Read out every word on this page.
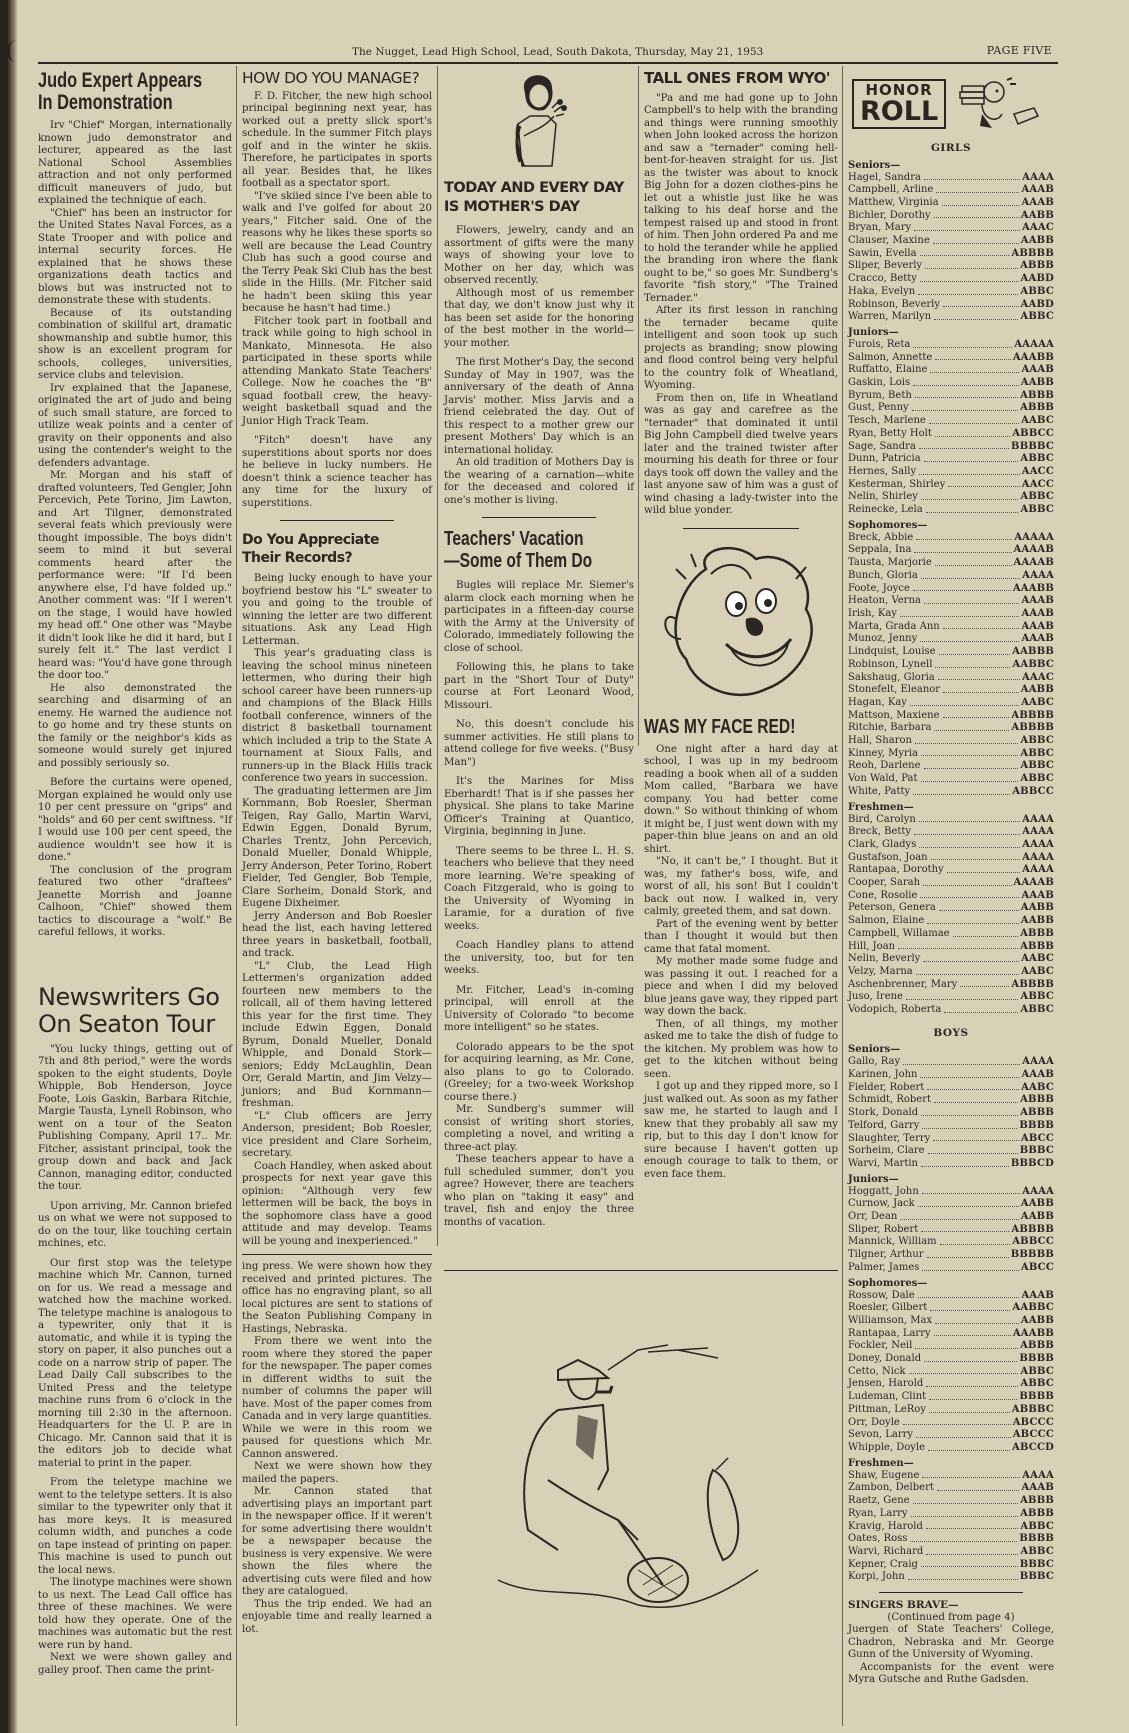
The Nugget, Lead High School, Lead, South Dakota, Thursday, May 21, 1953	PAGE FIVE
Judo Expert Appears
In Demonstration

Irv "Chief" Morgan, internationally known judo demonstrator and lecturer, appeared as the last National School Assemblies attraction and not only performed difficult maneuvers of judo, but explained the technique of each.

"Chief" has been an instructor for the United States Naval Forces, as a State Trooper and with police and internal security forces. He explained that he shows these organizations death tactics and blows but was instructed not to demonstrate these with students.

Because of its outstanding combination of skillful art, dramatic showmanship and subtle humor, this show is an excellent program for schools, colleges, universities, service clubs and television.

Irv explained that the Japanese, originated the art of judo and being of such small stature, are forced to utilize weak points and a center of gravity on their opponents and also using the contender's weight to the defenders advantage.

Mr. Morgan and his staff of drafted volunteers, Ted Gengler, John Percevich, Pete Torino, Jim Lawton, and Art Tilgner, demonstrated several feats which previously were thought impossible. The boys didn't seem to mind it but several comments heard after the performance were: "If I'd been anywhere else, I'd have folded up." Another comment was: "If I weren't on the stage, I would have howled my head off." One other was "Maybe it didn't look like he did it hard, but I surely felt it." The last verdict I heard was: "You'd have gone through the door too."

He also demonstrated the searching and disarming of an enemy. He warned the audience not to go home and try these stunts on the family or the neighbor's kids as someone would surely get injured and possibly seriously so.

Before the curtains were opened, Morgan explained he would only use 10 per cent pressure on "grips" and "holds" and 60 per cent swiftness. "If I would use 100 per cent speed, the audience wouldn't see how it is done."

The conclusion of the program featured two other "draftees" Jeanette Morrish and Joanne Calhoon, "Chief" showed them tactics to discourage a "wolf." Be careful fellows, it works.

Newswriters Go
On Seaton Tour

"You lucky things, getting out of 7th and 8th period," were the words spoken to the eight students, Doyle Whipple, Bob Henderson, Joyce Foote, Lois Gaskin, Barbara Ritchie, Margie Tausta, Lynell Robinson, who went on a tour of the Seaton Publishing Company, April 17.. Mr. Fitcher, assistant principal, took the group down and back and Jack Cannon, managing editor, conducted the tour.

Upon arriving, Mr. Cannon briefed us on what we were not supposed to do on the tour, like touching certain mchines, etc.

Our first stop was the teletype machine which Mr. Cannon, turned on for us. We read a message and watched how the machine worked. The teletype machine is analogous to a typewriter, only that it is automatic, and while it is typing the story on paper, it also punches out a code on a narrow strip of paper. The Lead Daily Call subscribes to the United Press and the teletype machine runs from 6 o'clock in the morning till 2:30 in the afternoon. Headquarters for the U. P. are in Chicago. Mr. Cannon said that it is the editors job to decide what material to print in the paper.

From the teletype machine we went to the teletype setters. It is also similar to the typewriter only that it has more keys. It is measured column width, and punches a code on tape instead of printing on paper. This machine is used to punch out the local news.

The linotype machines were shown to us next. The Lead Call office has three of these machines. We were told how they operate. One of the machines was automatic but the rest were run by hand.

Next we were shown galley and galley proof. Then came the print-

HOW DO YOU MANAGE?

F. D. Fitcher, the new high school principal beginning next year, has worked out a pretty slick sport's schedule. In the summer Fitch plays golf and in the winter he skiis. Therefore, he participates in sports all year. Besides that, he likes football as a spectator sport.

"I've skiied since I've been able to walk and I've golfed for about 20 years," Fitcher said. One of the reasons why he likes these sports so well are because the Lead Country Club has such a good course and the Terry Peak Ski Club has the best slide in the Hills. (Mr. Fitcher said he hadn't been skiing this year because he hasn't had time.)

Fitcher took part in football and track while going to high school in Mankato, Minnesota. He also participated in these sports while attending Mankato State Teachers' College. Now he coaches the "B" squad football crew, the heavy-weight basketball squad and the Junior High Track Team.

"Fitch" doesn't have any superstitions about sports nor does he believe in lucky numbers. He doesn't think a science teacher has any time for the luxury of superstitions.

Do You Appreciate
Their Records?

Being lucky enough to have your boyfriend bestow his "L" sweater to you and going to the trouble of winning the letter are two different situations. Ask any Lead High Letterman.

This year's graduating class is leaving the school minus nineteen lettermen, who during their high school career have been runners-up and champions of the Black Hills football conference, winners of the district 8 basketball tournament which included a trip to the State A tournament at Sioux Falls, and runners-up in the Black Hills track conference two years in succession.

The graduating lettermen are Jim Kornmann, Bob Roesler, Sherman Teigen, Ray Gallo, Martin Warvi, Edwin Eggen, Donald Byrum, Charles Trentz, John Percevich, Donald Mueller, Donald Whipple, Jerry Anderson, Peter Torino, Robert Fielder, Ted Gengler, Bob Temple, Clare Sorheim, Donald Stork, and Eugene Dixheimer.

Jerry Anderson and Bob Roesler head the list, each having lettered three years in basketball, football, and track.

"L" Club, the Lead High Lettermen's organization added fourteen new members to the rollcall, all of them having lettered this year for the first time. They include Edwin Eggen, Donald Byrum, Donald Mueller, Donald Whipple, and Donald Stork—seniors; Eddy McLaughlin, Dean Orr, Gerald Martin, and Jim Velzy—juniors; and Bud Kornmann—freshman.

"L" Club officers are Jerry Anderson, president; Bob Roesler, vice president and Clare Sorheim, secretary.

Coach Handley, when asked about prospects for next year gave this opinion: "Although very few lettermen will be back, the boys in the sophomore class have a good attitude and may develop. Teams will be young and inexperienced."

ing press. We were shown how they received and printed pictures. The office has no engraving plant, so all local pictures are sent to stations of the Seaton Publishing Company in Hastings, Nebraska.

From there we went into the room where they stored the paper for the newspaper. The paper comes in different widths to suit the number of columns the paper will have. Most of the paper comes from Canada and in very large quantities. While we were in this room we paused for questions which Mr. Cannon answered.

Next we were shown how they mailed the papers.

Mr. Cannon stated that advertising plays an important part in the newspaper office. If it weren't for some advertising there wouldn't be a newspaper because the business is very expensive. We were shown the files where the advertising cuts were filed and how they are catalogued.

Thus the trip ended. We had an enjoyable time and really learned a lot.

TODAY AND EVERY DAY
IS MOTHER'S DAY

Flowers, jewelry, candy and an assortment of gifts were the many ways of showing your love to Mother on her day, which was observed recently.

Although most of us remember that day, we don't know just why it has been set aside for the honoring of the best mother in the world—your mother.

The first Mother's Day, the second Sunday of May in 1907, was the anniversary of the death of Anna Jarvis' mother. Miss Jarvis and a friend celebrated the day. Out of this respect to a mother grew our present Mothers' Day which is an international holiday.

An old tradition of Mothers Day is the wearing of a carnation—white for the deceased and colored if one's mother is living.

Teachers' Vacation
—Some of Them Do

Bugles will replace Mr. Siemer's alarm clock each morning when he participates in a fifteen-day course with the Army at the University of Colorado, immediately following the close of school.

Following this, he plans to take part in the "Short Tour of Duty" course at Fort Leonard Wood, Missouri.

No, this doesn't conclude his summer activities. He still plans to attend college for five weeks. ("Busy Man")

It's the Marines for Miss Eberhardt! That is if she passes her physical. She plans to take Marine Officer's Training at Quantico, Virginia, beginning in June.

There seems to be three L. H. S. teachers who believe that they need more learning. We're speaking of Coach Fitzgerald, who is going to the University of Wyoming in Laramie, for a duration of five weeks.

Coach Handley plans to attend the university, too, but for ten weeks.

Mr. Fitcher, Lead's in-coming principal, will enroll at the University of Colorado "to become more intelligent" so he states.

Colorado appears to be the spot for acquiring learning, as Mr. Cone, also plans to go to Colorado. (Greeley; for a two-week Workshop course there.)

Mr. Sundberg's summer will consist of writing short stories, completing a novel, and writing a three-act play.

These teachers appear to have a full scheduled summer, don't you agree? However, there are teachers who plan on "taking it easy" and travel, fish and enjoy the three months of vacation.

TALL ONES FROM WYO'

"Pa and me had gone up to John Campbell's to help with the branding and things were running smoothly when John looked across the horizon and saw a "ternader" coming hell-bent-for-heaven straight for us. Jist as the twister was about to knock Big John for a dozen clothes-pins he let out a whistle just like he was talking to his deaf horse and the tempest raised up and stood in front of him. Then John ordered Pa and me to hold the terander while he applied the branding iron where the flank ought to be," so goes Mr. Sundberg's favorite "fish story," "The Trained Ternader."

After its first lesson in ranching the ternader became quite intelligent and soon took up such projects as branding; snow plowing and flood control being very helpful to the country folk of Wheatland, Wyoming.

From then on, life in Wheatland was as gay and carefree as the "ternader" that dominated it until Big John Campbell died twelve years later and the trained twister after mourning his death for three or four days took off down the valley and the last anyone saw of him was a gust of wind chasing a lady-twister into the wild blue yonder.

WAS MY FACE RED!

One night after a hard day at school, I was up in my bedroom reading a book when all of a sudden Mom called, "Barbara we have company. You had better come down." So without thinking of whom it might be, I just went down with my paper-thin blue jeans on and an old shirt.

"No, it can't be," I thought. But it was, my father's boss, wife, and worst of all, his son! But I couldn't back out now. I walked in, very calmly, greeted them, and sat down.

Part of the evening went by better than I thought it would but then came that fatal moment.

My mother made some fudge and was passing it out. I reached for a piece and when I did my beloved blue jeans gave way, they ripped part way down the back.

Then, of all things, my mother asked me to take the dish of fudge to the kitchen. My problem was how to get to the kitchen without being seen.

I got up and they ripped more, so I just walked out. As soon as my father saw me, he started to laugh and I knew that they probably all saw my rip, but to this day I don't know for sure because I haven't gotten up enough courage to talk to them, or even face them.

HONOR
ROLL
GIRLS
Seniors—
Hagel, Sandra	AAAA
Campbell, Arline	AAAB
Matthew, Virginia	AAAB
Bichler, Dorothy	AABB
Bryan, Mary	AAAC
Clauser, Maxine	AABB
Sawin, Evella	ABBBB
Sliper, Beverly	ABBB
Cracco, Betty	AABD
Haka, Evelyn	ABBC
Robinson, Beverly	AABD
Warren, Marilyn	ABBC
Juniors—
Furois, Reta	AAAAA
Salmon, Annette	AAABB
Ruffatto, Elaine	AAAB
Gaskin, Lois	AABB
Byrum, Beth	ABBB
Gust, Penny	ABBB
Tesch, Marlene	AABC
Ryan, Betty Holt	ABBCC
Sage, Sandra	BBBBC
Dunn, Patricia	ABBC
Hernes, Sally	AACC
Kesterman, Shirley	AACC
Nelin, Shirley	ABBC
Reinecke, Lela	ABBC
Sophomores—
Breck, Abbie	AAAAA
Seppala, Ina	AAAAB
Tausta, Marjorie	AAAAB
Bunch, Gloria	AAAA
Foote, Joyce	AAABB
Heaton, Verna	AAAB
Irish, Kay	AAAB
Marta, Grada Ann	AAAB
Munoz, Jenny	AAAB
Lindquist, Louise	AABBB
Robinson, Lynell	AABBC
Sakshaug, Gloria	AAAC
Stonefelt, Eleanor	AABB
Hagan, Kay	AABC
Mattson, Maxiene	ABBBB
Ritchie, Barbara	ABBBB
Hall, Sharon	ABBC
Kinney, Myria	ABBC
Reoh, Darlene	ABBC
Von Wald, Pat	ABBC
White, Patty	ABBCC
Freshmen—
Bird, Carolyn	AAAA
Breck, Betty	AAAA
Clark, Gladys	AAAA
Gustafson, Joan	AAAA
Rantapaa, Dorothy	AAAA
Cooper, Sarah	AAAAB
Cone, Rosolie	AAAB
Peterson, Genera	AABB
Salmon, Elaine	AABB
Campbell, Willamae	ABBB
Hill, Joan	ABBB
Nelin, Beverly	AABC
Velzy, Marna	AABC
Aschenbrenner, Mary	ABBBB
Juso, Irene	ABBC
Vodopich, Roberta	ABBC
BOYS
Seniors—
Gallo, Ray	AAAA
Karinen, John	AAAB
Fielder, Robert	AABC
Schmidt, Robert	ABBB
Stork, Donald	ABBB
Telford, Garry	BBBB
Slaughter, Terry	ABCC
Sorheim, Clare	BBBC
Warvi, Martin	BBBCD
Juniors—
Hoggatt, John	AAAA
Curnow, Jack	AABB
Orr, Dean	AABB
Sliper, Robert	ABBBB
Mannick, William	ABBCC
Tilgner, Arthur	BBBBB
Palmer, James	ABCC
Sophomores—
Rossow, Dale	AAAB
Roesler, Gilbert	AABBC
Williamson, Max	AABB
Rantapaa, Larry	AAABB
Fockler, Neil	ABBB
Doney, Donald	BBBB
Cetto, Nick	ABBC
Jensen, Harold	ABBC
Ludeman, Clint	BBBB
Pittman, LeRoy	ABBBC
Orr, Doyle	ABCCC
Sevon, Larry	ABCCC
Whipple, Doyle	ABCCD
Freshmen—
Shaw, Eugene	AAAA
Zambon, Delbert	AAAB
Raetz, Gene	ABBB
Ryan, Larry	ABBB
Kravig, Harold	ABBC
Oates, Ross	BBBB
Warvi, Richard	ABBC
Kepner, Craig	BBBC
Korpi, John	BBBC
SINGERS BRAVE—
(Continued from page 4)

Juergen of State Teachers' College, Chadron, Nebraska and Mr. George Gunn of the University of Wyoming.

Accompanists for the event were Myra Gutsche and Ruthe Gadsden.
